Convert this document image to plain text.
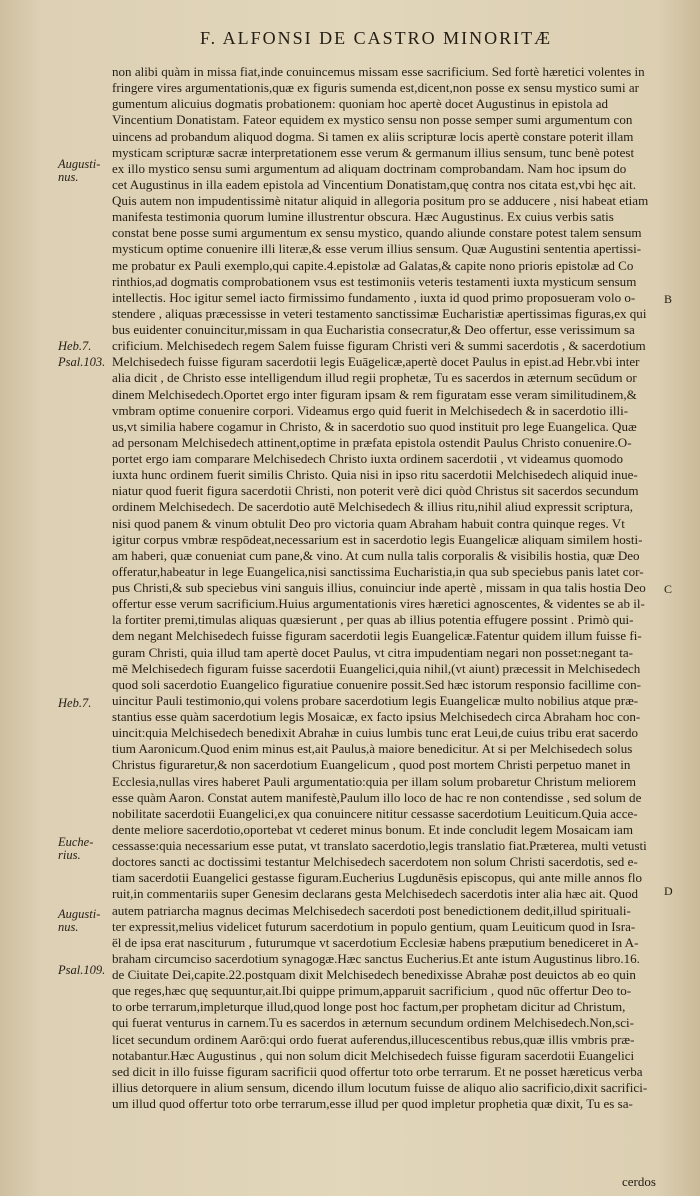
F. ALFONSI DE CASTRO MINORITÆ
non alibi quàm in missa fiat,inde conuincemus missam esse sacrificium. Sed fortè hæretici volentes in
fringere vires argumentationis,quæ ex figuris sumenda est,dicent,non posse ex sensu mystico sumi ar
gumentum alicuius dogmatis probationem: quoniam hoc apertè docet Augustinus in epistola ad
Vincentium Donatistam. Fateor equidem ex mystico sensu non posse semper sumi argumentum con
uincens ad probandum aliquod dogma. Si tamen ex aliis scripturæ locis apertè constare poterit illam
mysticam scripturæ sacræ interpretationem esse verum & germanum illius sensum, tunc benè potest
ex illo mystico sensu sumi argumentum ad aliquam doctrinam comprobandam. Nam hoc ipsum do
cet Augustinus in illa eadem epistola ad Vincentium Donatistam,quę contra nos citata est,vbi hęc ait.
Quis autem non impudentissimè nitatur aliquid in allegoria positum pro se adducere , nisi habeat etiam
manifesta testimonia quorum lumine illustrentur obscura. Hæc Augustinus. Ex cuius verbis satis
constat bene posse sumi argumentum ex sensu mystico, quando aliunde constare potest talem sensum
mysticum optime conuenire illi literæ,& esse verum illius sensum. Quæ Augustini sententia apertissi-
me probatur ex Pauli exemplo,qui capite.4.epistolæ ad Galatas,& capite nono prioris epistolæ ad Co
rinthios,ad dogmatis comprobationem vsus est testimoniis veteris testamenti iuxta mysticum sensum
intellectis. Hoc igitur semel iacto firmissimo fundamento , iuxta id quod primo proposueram volo o-
stendere , aliquas præcessisse in veteri testamento sanctissimæ Eucharistiæ apertissimas figuras,ex qui
bus euidenter conuincitur,missam in qua Eucharistia consecratur,& Deo offertur, esse verissimum sa
crificium. Melchisedech regem Salem fuisse figuram Christi veri & summi sacerdotis , & sacerdotium
Melchisedech fuisse figuram sacerdotii legis Euāgelicæ,apertè docet Paulus in epist.ad Hebr.vbi inter
alia dicit , de Christo esse intelligendum illud regii prophetæ, Tu es sacerdos in æternum secūdum or
dinem Melchisedech.Oportet ergo inter figuram ipsam & rem figuratam esse veram similitudinem,&
vmbram optime conuenire corpori. Videamus ergo quid fuerit in Melchisedech & in sacerdotio illi-
us,vt similia habere cogamur in Christo, & in sacerdotio suo quod instituit pro lege Euangelica. Quæ
ad personam Melchisedech attinent,optime in præfata epistola ostendit Paulus Christo conuenire.O-
portet ergo iam comparare Melchisedech Christo iuxta ordinem sacerdotii , vt videamus quomodo
iuxta hunc ordinem fuerit similis Christo. Quia nisi in ipso ritu sacerdotii Melchisedech aliquid inue-
niatur quod fuerit figura sacerdotii Christi, non poterit verè dici quòd Christus sit sacerdos secundum
ordinem Melchisedech. De sacerdotio autē Melchisedech & illius ritu,nihil aliud expressit scriptura,
nisi quod panem & vinum obtulit Deo pro victoria quam Abraham habuit contra quinque reges. Vt
igitur corpus vmbræ respōdeat,necessarium est in sacerdotio legis Euangelicæ aliquam similem hosti-
am haberi, quæ conueniat cum pane,& vino. At cum nulla talis corporalis & visibilis hostia, quæ Deo
offeratur,habeatur in lege Euangelica,nisi sanctissima Eucharistia,in qua sub speciebus panis latet cor-
pus Christi,& sub speciebus vini sanguis illius, conuinciur inde apertè , missam in qua talis hostia Deo
offertur esse verum sacrificium.Huius argumentationis vires hæretici agnoscentes, & videntes se ab il-
la fortiter premi,timulas aliquas quæsierunt , per quas ab illius potentia effugere possint . Primò qui-
dem negant Melchisedech fuisse figuram sacerdotii legis Euangelicæ.Fatentur quidem illum fuisse fi-
guram Christi, quia illud tam apertè docet Paulus, vt citra impudentiam negari non posset:negant ta-
mē Melchisedech figuram fuisse sacerdotii Euangelici,quia nihil,(vt aiunt) præcessit in Melchisedech
quod soli sacerdotio Euangelico figuratiue conuenire possit.Sed hæc istorum responsio facillime con-
uincitur Pauli testimonio,qui volens probare sacerdotium legis Euangelicæ multo nobilius atque præ-
stantius esse quàm sacerdotium legis Mosaicæ, ex facto ipsius Melchisedech circa Abraham hoc con-
uincit:quia Melchisedech benedixit Abrahæ in cuius lumbis tunc erat Leui,de cuius tribu erat sacerdo
tium Aaronicum.Quod enim minus est,ait Paulus,à maiore benedicitur. At si per Melchisedech solus
Christus figuraretur,& non sacerdotium Euangelicum , quod post mortem Christi perpetuo manet in
Ecclesia,nullas vires haberet Pauli argumentatio:quia per illam solum probaretur Christum meliorem
esse quàm Aaron. Constat autem manifestè,Paulum illo loco de hac re non contendisse , sed solum de
nobilitate sacerdotii Euangelici,ex qua conuincere nititur cessasse sacerdotium Leuiticum.Quia acce-
dente meliore sacerdotio,oportebat vt cederet minus bonum. Et inde concludit legem Mosaicam iam
cessasse:quia necessarium esse putat, vt translato sacerdotio,legis translatio fiat.Præterea, multi vetusti
doctores sancti ac doctissimi testantur Melchisedech sacerdotem non solum Christi sacerdotis, sed e-
tiam sacerdotii Euangelici gestasse figuram.Eucherius Lugdunēsis episcopus, qui ante mille annos flo
ruit,in commentariis super Genesim declarans gesta Melchisedech sacerdotis inter alia hæc ait. Quod
autem patriarcha magnus decimas Melchisedech sacerdoti post benedictionem dedit,illud spirituali-
ter expressit,melius videlicet futurum sacerdotium in populo gentium, quam Leuiticum quod in Isra-
ël de ipsa erat nasciturum , futurumque vt sacerdotium Ecclesiæ habens præputium benediceret in A-
braham circumciso sacerdotium synagogæ.Hæc sanctus Eucherius.Et ante istum Augustinus libro.16.
de Ciuitate Dei,capite.22.postquam dixit Melchisedech benedixisse Abrahæ post deuictos ab eo quin
que reges,hæc quę sequuntur,ait.Ibi quippe primum,apparuit sacrificium , quod nūc offertur Deo to-
to orbe terrarum,impleturque illud,quod longe post hoc factum,per prophetam dicitur ad Christum,
qui fuerat venturus in carnem.Tu es sacerdos in æternum secundum ordinem Melchisedech.Non,sci-
licet secundum ordinem Aarō:qui ordo fuerat auferendus,illucescentibus rebus,quæ illis vmbris præ-
notabantur.Hæc Augustinus , qui non solum dicit Melchisedech fuisse figuram sacerdotii Euangelici
sed dicit in illo fuisse figuram sacrificii quod offertur toto orbe terrarum. Et ne posset hæreticus verba
illius detorquere in alium sensum, dicendo illum locutum fuisse de aliquo alio sacrificio,dixit sacrifici-
um illud quod offertur toto orbe terrarum,esse illud per quod impletur prophetia quæ dixit, Tu es sa-
Augusti- nus.
Heb.7.
Psal.103.
Heb.7.
Euche- rius.
Augusti- nus.
Psal.109.
B
C
D
cerdos
